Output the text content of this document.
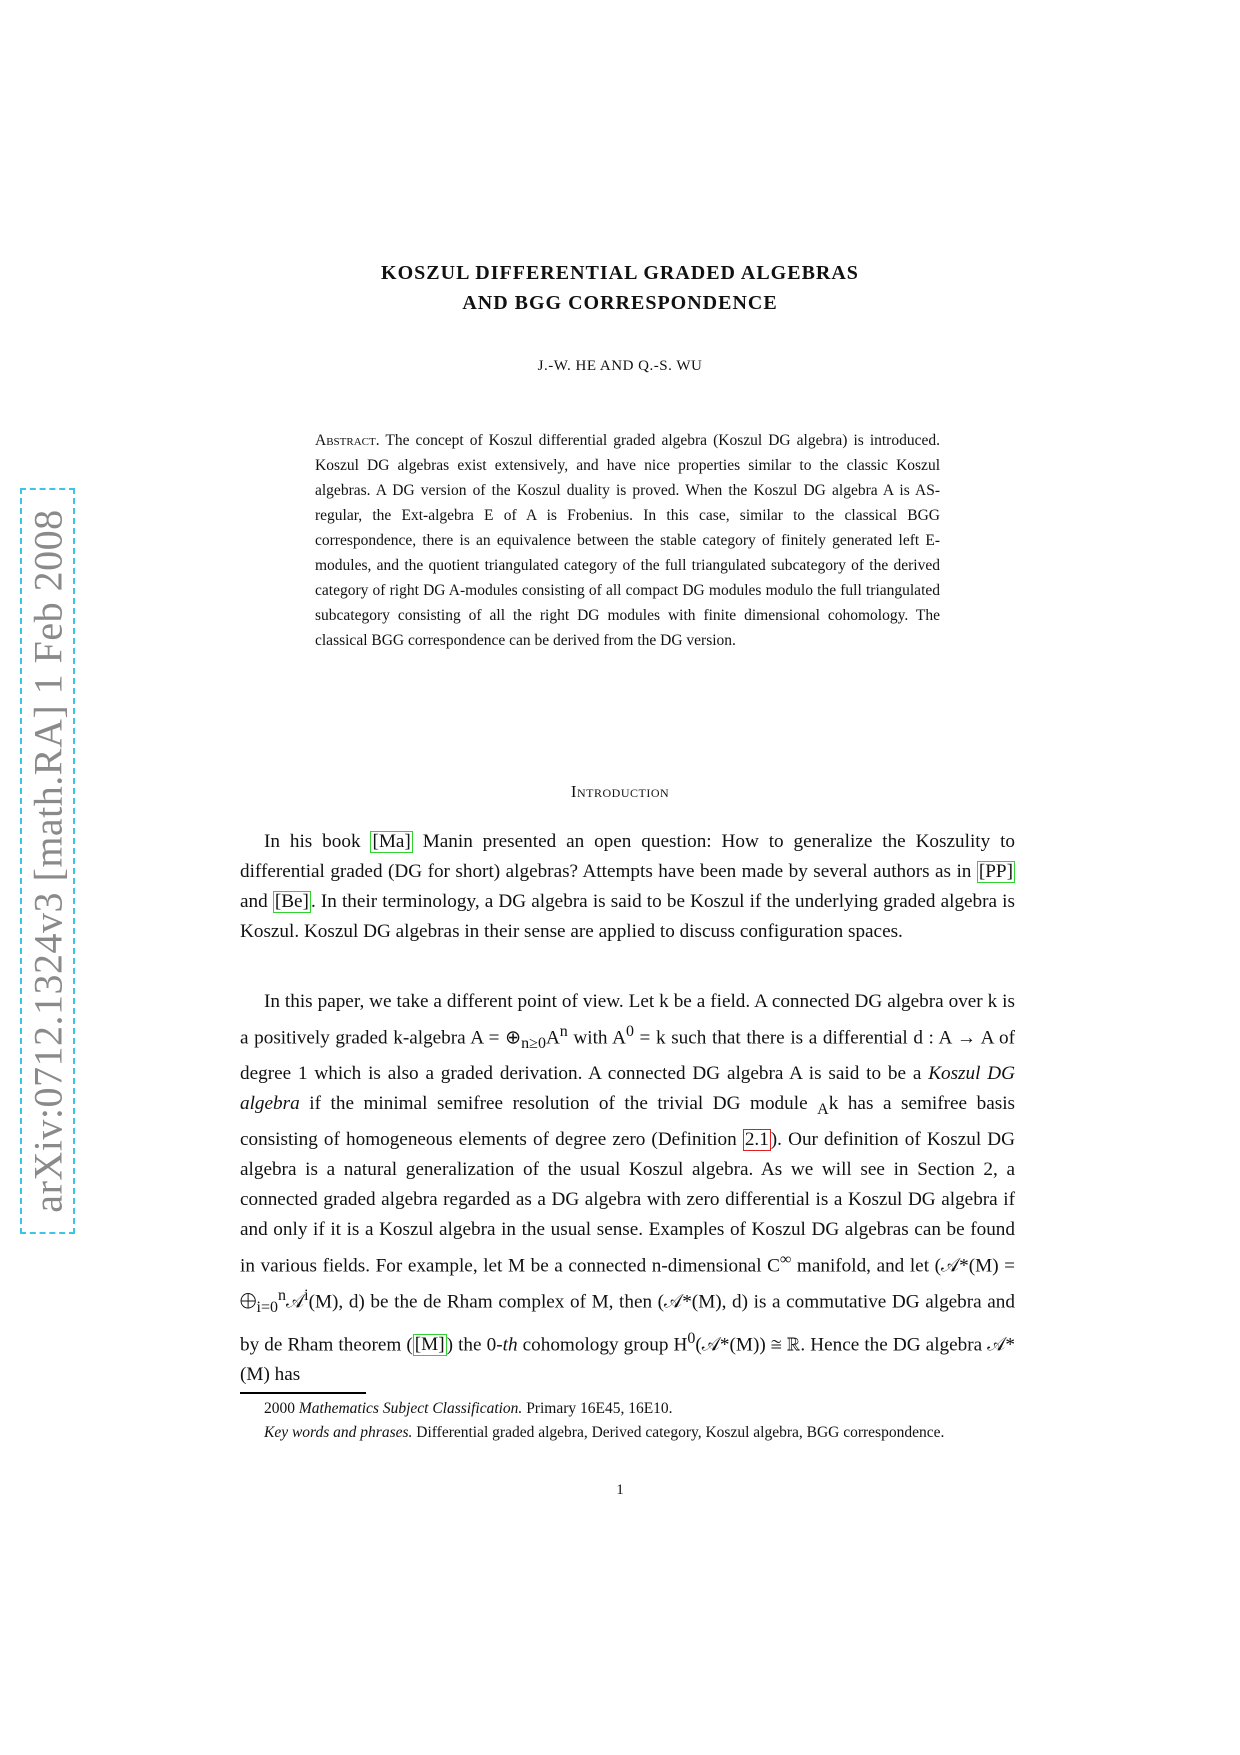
arXiv:0712.1324v3 [math.RA] 1 Feb 2008
KOSZUL DIFFERENTIAL GRADED ALGEBRAS
AND BGG CORRESPONDENCE
J.-W. HE AND Q.-S. WU
Abstract. The concept of Koszul differential graded algebra (Koszul DG algebra) is introduced. Koszul DG algebras exist extensively, and have nice properties similar to the classic Koszul algebras. A DG version of the Koszul duality is proved. When the Koszul DG algebra A is AS-regular, the Ext-algebra E of A is Frobenius. In this case, similar to the classical BGG correspondence, there is an equivalence between the stable category of finitely generated left E-modules, and the quotient triangulated category of the full triangulated subcategory of the derived category of right DG A-modules consisting of all compact DG modules modulo the full triangulated subcategory consisting of all the right DG modules with finite dimensional cohomology. The classical BGG correspondence can be derived from the DG version.
Introduction
In his book [Ma] Manin presented an open question: How to generalize the Koszulity to differential graded (DG for short) algebras? Attempts have been made by several authors as in [PP] and [Be] . In their terminology, a DG algebra is said to be Koszul if the underlying graded algebra is Koszul. Koszul DG algebras in their sense are applied to discuss configuration spaces.
In this paper, we take a different point of view. Let k be a field. A connected DG algebra over k is a positively graded k-algebra $A = \oplus_{n\ge 0}A^n$ with $A^0 = k$ such that there is a differential d : A → A of degree 1 which is also a graded derivation. A connected DG algebra A is said to be a Koszul DG algebra if the minimal semifree resolution of the trivial DG module $_A$k has a semifree basis consisting of homogeneous elements of degree zero (Definition 2.1 ). Our definition of Koszul DG algebra is a natural generalization of the usual Koszul algebra. As we will see in Section 2, a connected graded algebra regarded as a DG algebra with zero differential is a Koszul DG algebra if and only if it is a Koszul algebra in the usual sense. Examples of Koszul DG algebras can be found in various fields. For example, let M be a connected n-dimensional C∞ manifold, and let (𝒜*(M) = $⨁_{i=0}^n𝒜^i(M)$, d) be the de Rham complex of M, then (𝒜*(M), d) is a commutative DG algebra and by de Rham theorem ( [M] ) the 0-th cohomology group $H^0(𝒜*(M))$ ≅ ℝ. Hence the DG algebra 𝒜*(M) has
2000 Mathematics Subject Classification. Primary 16E45, 16E10.
Key words and phrases. Differential graded algebra, Derived category, Koszul algebra, BGG correspondence.
1
